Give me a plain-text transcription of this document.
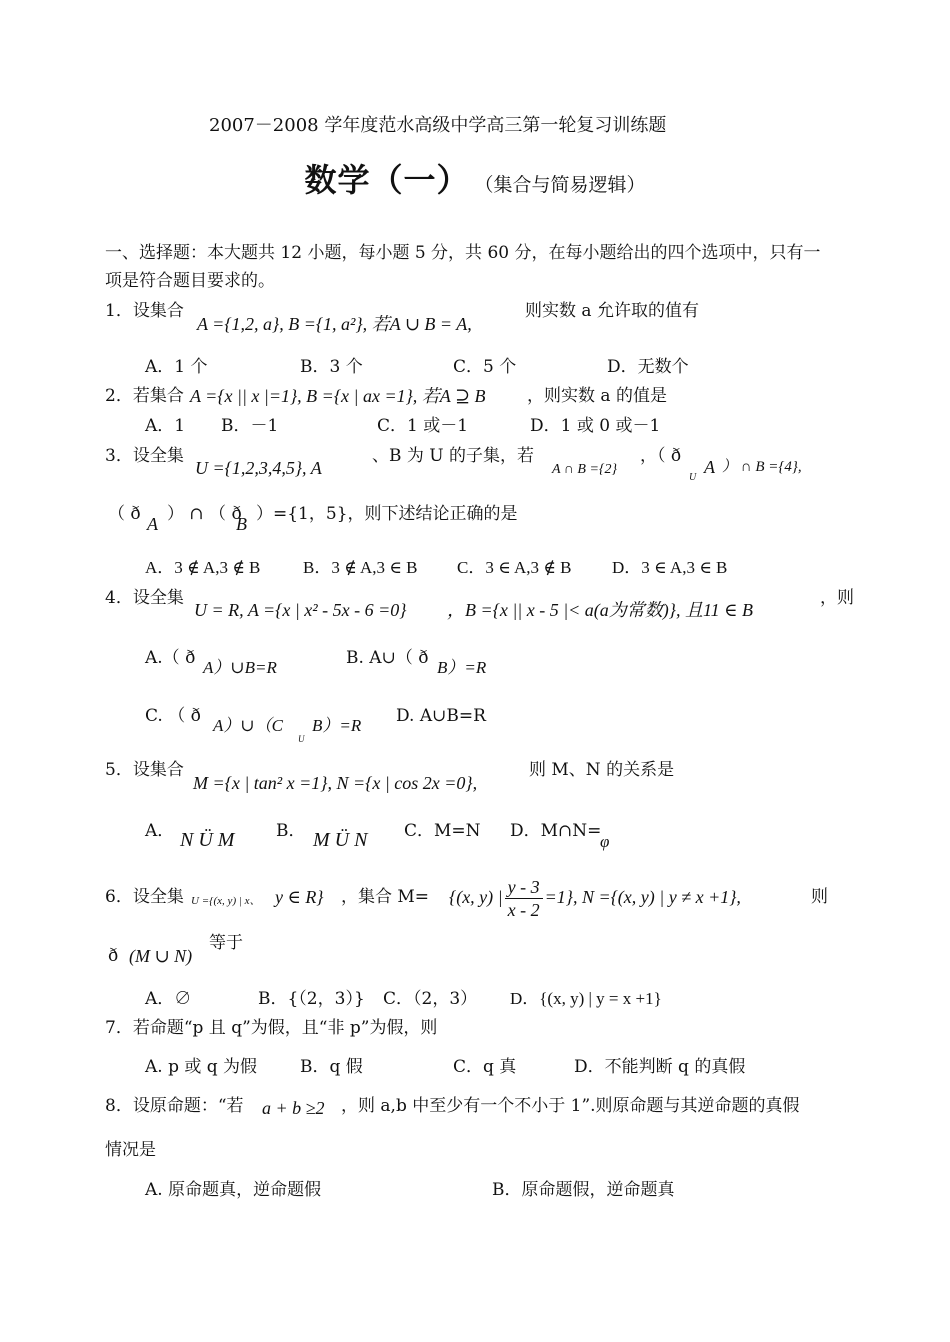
2007－2008 学年度范水高级中学高三第一轮复习训练题
数学（一） （集合与简易逻辑）
一、选择题：本大题共 12 小题，每小题 5 分，共 60 分，在每小题给出的四个选项中，只有一
项是符合题目要求的。
1．设集合
A ={1,2, a}, B ={1, a²}, 若A ∪ B = A,
则实数 a 允许取的值有
A．1 个	B．3 个	C．5 个	D．无数个
2．若集合 A ={x || x |=1}, B ={x | ax =1}, 若A ⊇ B ，则实数 a 的值是
A．1 B．－1	C．1 或－1	D．1 或 0 或－1
3．设全集
U ={1,2,3,4,5}, A
、B 为 U 的子集，若
A ∩ B ={2}
，（ ð
U
A ） ∩ B ={4},
（ ð A ） ∩ （ ð
B ）={1，5}，则下述结论正确的是
A．3 ∉ A,3 ∉ B	B．3 ∉ A,3 ∈ B C．3 ∈ A,3 ∉ B D．3 ∈ A,3 ∈ B
4．设全集
U = R, A ={x | x² - 5x - 6 =0} ，B ={x || x - 5 |< a(a为常数)}, 且11 ∈ B
，则
A.（ ð A）∪B=R	B. A∪（ ð B）=R
C. （ ð A）∪（C
U
B）=R D. A∪B=R
5．设集合
M ={x | tan² x =1}, N ={x | cos 2x =0},
则 M、N 的关系是
A． N Ü M B． M Ü N C．M=N D．M∩N=
φ
6．设全集 U ={(x, y) | x、 y ∈ R} ，集合 M= {(x, y) | $\frac{y - 3}{x - 2} =1$}, N ={(x, y) | y ≠ x +1},	则
ð (M ∪ N)
等于
A．∅	B．{（2，3）} C．（2，3） D．{(x, y) | y = x +1}
7．若命题“p 且 q”为假，且“非 p”为假，则
A. p 或 q 为假	B．q 假	C．q 真	D．不能判断 q 的真假
8．设原命题：“若 a + b ≥2 ，则 a,b 中至少有一个不小于 1”.则原命题与其逆命题的真假
情况是
A. 原命题真，逆命题假	B．原命题假，逆命题真
